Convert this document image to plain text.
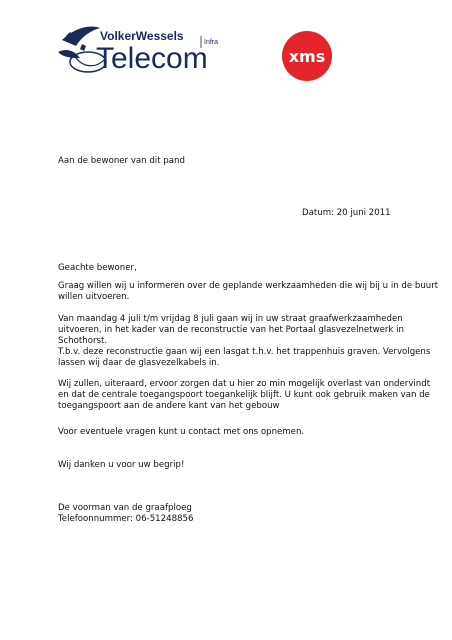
VolkerWessels
Telecom
Infra
xms
Aan de bewoner van dit pand
Datum: 20 juni 2011
Geachte bewoner,
Graag willen wij u informeren over de geplande werkzaamheden die wij bij u in de buurt
willen uitvoeren.
Van maandag 4 juli t/m vrijdag 8 juli gaan wij in uw straat graafwerkzaamheden
uitvoeren, in het kader van de reconstructie van het Portaal glasvezelnetwerk in
Schothorst.
T.b.v. deze reconstructie gaan wij een lasgat t.h.v. het trappenhuis graven. Vervolgens
lassen wij daar de glasvezelkabels in.
Wij zullen, uiteraard, ervoor zorgen dat u hier zo min mogelijk overlast van ondervindt
en dat de centrale toegangspoort toegankelijk blijft. U kunt ook gebruik maken van de
toegangspoort aan de andere kant van het gebouw
Voor eventuele vragen kunt u contact met ons opnemen.
Wij danken u voor uw begrip!
De voorman van de graafploeg
Telefoonnummer: 06-51248856
